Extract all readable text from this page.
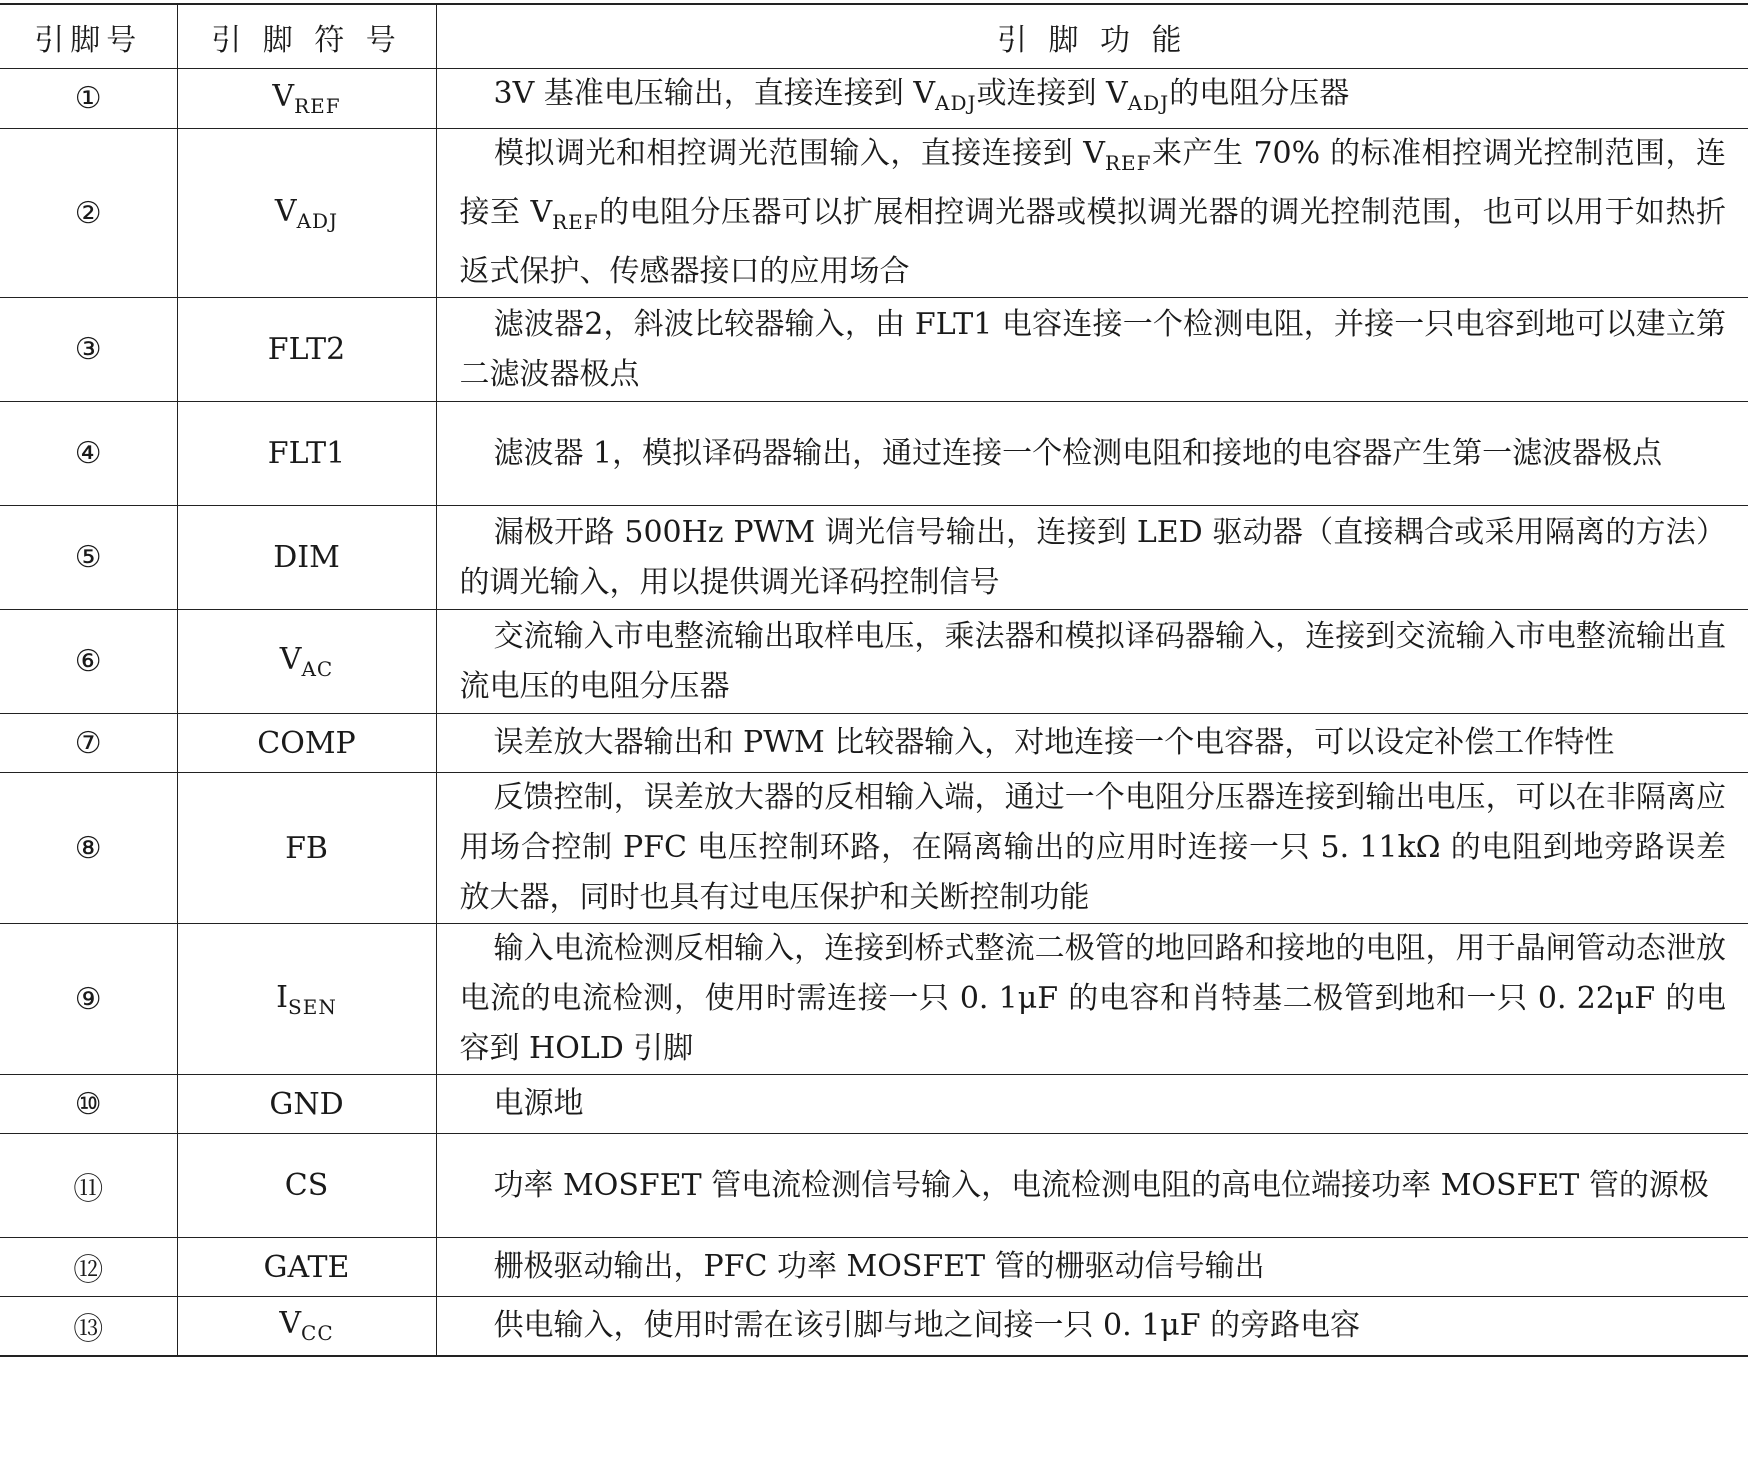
引脚号	引 脚 符 号	引 脚 功 能
①	$V_{REF}$	3V 基准电压输出，直接连接到 $V_{ADJ}$或连接到 $V_{ADJ}$的电阻分压器
②	$V_{ADJ}$	模拟调光和相控调光范围输入，直接连接到 $V_{REF}$来产生 70% 的标准相控调光控制范围，连接至 $V_{REF}$的电阻分压器可以扩展相控调光器或模拟调光器的调光控制范围，也可以用于如热折返式保护、传感器接口的应用场合
③	FLT2	滤波器2，斜波比较器输入，由 FLT1 电容连接一个检测电阻，并接一只电容到地可以建立第二滤波器极点
④	FLT1	滤波器 1，模拟译码器输出，通过连接一个检测电阻和接地的电容器产生第一滤波器极点
⑤	DIM	漏极开路 500Hz PWM 调光信号输出，连接到 LED 驱动器（直接耦合或采用隔离的方法）的调光输入，用以提供调光译码控制信号
⑥	$V_{AC}$	交流输入市电整流输出取样电压，乘法器和模拟译码器输入，连接到交流输入市电整流输出直流电压的电阻分压器
⑦	COMP	误差放大器输出和 PWM 比较器输入，对地连接一个电容器，可以设定补偿工作特性
⑧	FB	反馈控制，误差放大器的反相输入端，通过一个电阻分压器连接到输出电压，可以在非隔离应用场合控制 PFC 电压控制环路，在隔离输出的应用时连接一只 5. 11kΩ 的电阻到地旁路误差放大器，同时也具有过电压保护和关断控制功能
⑨	$I_{SEN}$	输入电流检测反相输入，连接到桥式整流二极管的地回路和接地的电阻，用于晶闸管动态泄放电流的电流检测，使用时需连接一只 0. 1μF 的电容和肖特基二极管到地和一只 0. 22μF 的电容到 HOLD 引脚
⑩	GND	电源地
⑪	CS	功率 MOSFET 管电流检测信号输入，电流检测电阻的高电位端接功率 MOSFET 管的源极
⑫	GATE	栅极驱动输出，PFC 功率 MOSFET 管的栅驱动信号输出
⑬	$V_{CC}$	供电输入，使用时需在该引脚与地之间接一只 0. 1μF 的旁路电容
